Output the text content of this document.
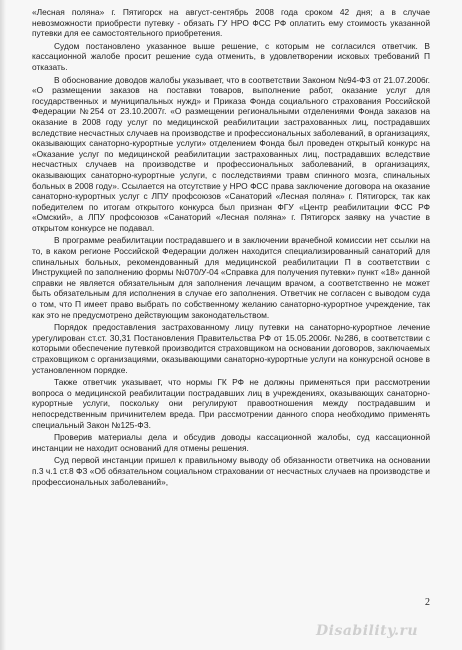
«Лесная поляна» г. Пятигорск на август-сентябрь 2008 года сроком 42 дня; а в случае невозможности приобрести путевку - обязать ГУ НРО ФСС РФ оплатить ему стоимость указанной путевки для ее самостоятельного приобретения.

Судом постановлено указанное выше решение, с которым не согласился ответчик. В кассационной жалобе просит решение суда отменить, в удовлетворении исковых требований П отказать.

В обоснование доводов жалобы указывает, что в соответствии Законом №94-ФЗ от 21.07.2006г. «О размещении заказов на поставки товаров, выполнение работ, оказание услуг для государственных и муниципальных нужд» и Приказа Фонда социального страхования Российской Федерации №254 от 23.10.2007г. «О размещении региональными отделениями Фонда заказов на оказание в 2008 году услуг по медицинской реабилитации застрахованных лиц, пострадавших вследствие несчастных случаев на производстве и профессиональных заболеваний, в организациях, оказывающих санаторно-курортные услуги» отделением Фонда был проведен открытый конкурс на «Оказание услуг по медицинской реабилитации застрахованных лиц, пострадавших вследствие несчастных случаев на производстве и профессиональных заболеваний, в организациях, оказывающих санаторно-курортные услуги, с последствиями травм спинного мозга, спинальных больных в 2008 году». Ссылается на отсутствие у НРО ФСС права заключение договора на оказание санаторно-курортных услуг с ЛПУ профсоюзов «Санаторий «Лесная поляна» г. Пятигорск, так как победителем по итогам открытого конкурса был признан ФГУ «Центр реабилитации ФСС РФ «Омский», а ЛПУ профсоюзов «Санаторий «Лесная поляна» г. Пятигорск заявку на участие в открытом конкурсе не подавал.

В программе реабилитации пострадавшего и в заключении врачебной комиссии нет ссылки на то, в каком регионе Российской Федерации должен находится специализированный санаторий для спинальных больных, рекомендованный для медицинской реабилитации П в соответствии с Инструкцией по заполнению формы №070/У-04 «Справка для получения путевки» пункт «18» данной справки не является обязательным для заполнения лечащим врачом, а соответственно не может быть обязательным для исполнения в случае его заполнения. Ответчик не согласен с выводом суда о том, что П имеет право выбрать по собственному желанию санаторно-курортное учреждение, так как это не предусмотрено действующим законодательством.

Порядок предоставления застрахованному лицу путевки на санаторно-курортное лечение урегулирован ст.ст. 30,31 Постановления Правительства РФ от 15.05.2006г. №286, в соответствии с которыми обеспечение путевкой производится страховщиком на основании договоров, заключаемых страховщиком с организациями, оказывающими санаторно-курортные услуги на конкурсной основе в установленном порядке.

Также ответчик указывает, что нормы ГК РФ не должны применяться при рассмотрении вопроса о медицинской реабилитации пострадавших лиц в учреждениях, оказывающих санаторно-курортные услуги, поскольку они регулируют правоотношения между пострадавшим и непосредственным причинителем вреда. При рассмотрении данного спора необходимо применять специальный Закон №125-ФЗ.

Проверив материалы дела и обсудив доводы кассационной жалобы, суд кассационной инстанции не находит оснований для отмены решения.

Суд первой инстанции пришел к правильному выводу об обязанности ответчика на основании п.3 ч.1 ст.8 ФЗ «Об обязательном социальном страховании от несчастных случаев на производстве и профессиональных заболеваний»,

2
Disability.ru
